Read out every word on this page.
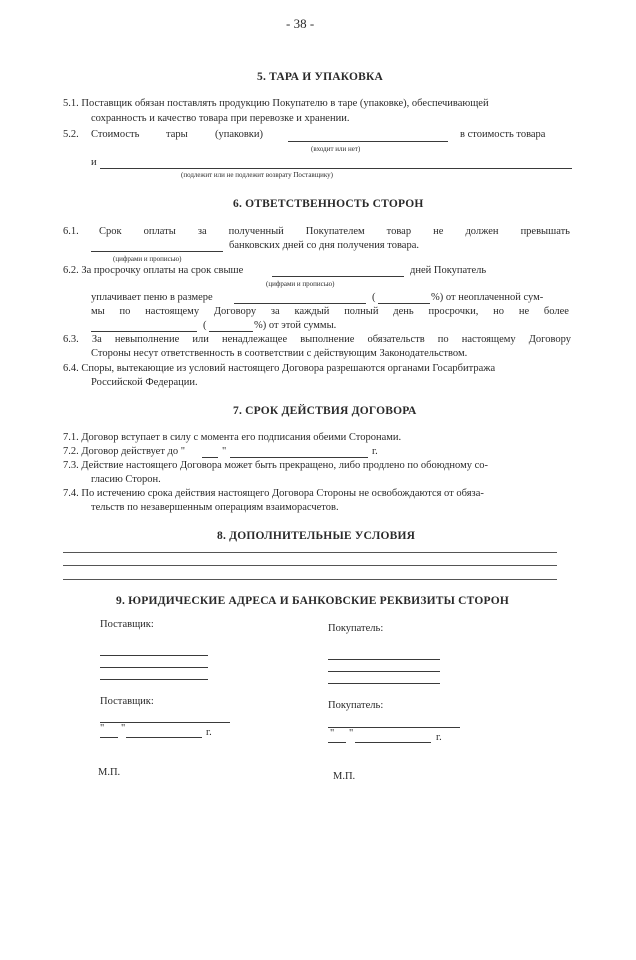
- 38 -
5. ТАРА И УПАКОВКА
5.1. Поставщик обязан поставлять продукцию Покупателю в таре (упаковке), обеспечивающей
сохранность и качество товара при перевозке и хранении.
5.2. Стоимость	тары	(упаковки)	в стоимость товара
(входит или нет)
и
(подлежит или не подлежит возврату Поставщику)
6. ОТВЕТСТВЕННОСТЬ СТОРОН
6.1. Срок оплаты за полученный Покупателем товар не должен превышать
банковских дней со дня получения товара.
(цифрами и прописью)
6.2. За просрочку оплаты на срок свыше	дней Покупатель
(цифрами и прописью)
уплачивает пеню в размере	(	%) от неоплаченной сум-
мы по настоящему Договору за каждый полный день просрочки, но не более
(	%) от этой суммы.
6.3. За невыполнение или ненадлежащее выполнение обязательств по настоящему Договору
Стороны несут ответственность в соответствии с действующим Законодательством.
6.4. Споры, вытекающие из условий настоящего Договора разрешаются органами Госарбитража
Российской Федерации.
7. СРОК ДЕЙСТВИЯ ДОГОВОРА
7.1. Договор вступает в силу с момента его подписания обеими Сторонами.
7.2. Договор действует до "	"	г.
7.3. Действие настоящего Договора может быть прекращено, либо продлено по обоюдному со-
гласию Сторон.
7.4. По истечению срока действия настоящего Договора Стороны не освобождаются от обяза-
тельств по незавершенным операциям взаиморасчетов.
8. ДОПОЛНИТЕЛЬНЫЕ УСЛОВИЯ
9. ЮРИДИЧЕСКИЕ АДРЕСА И БАНКОВСКИЕ РЕКВИЗИТЫ СТОРОН
Поставщик:	Покупатель:
Поставщик:	Покупатель:
" "	г.	" "	г.
М.П.	М.П.
